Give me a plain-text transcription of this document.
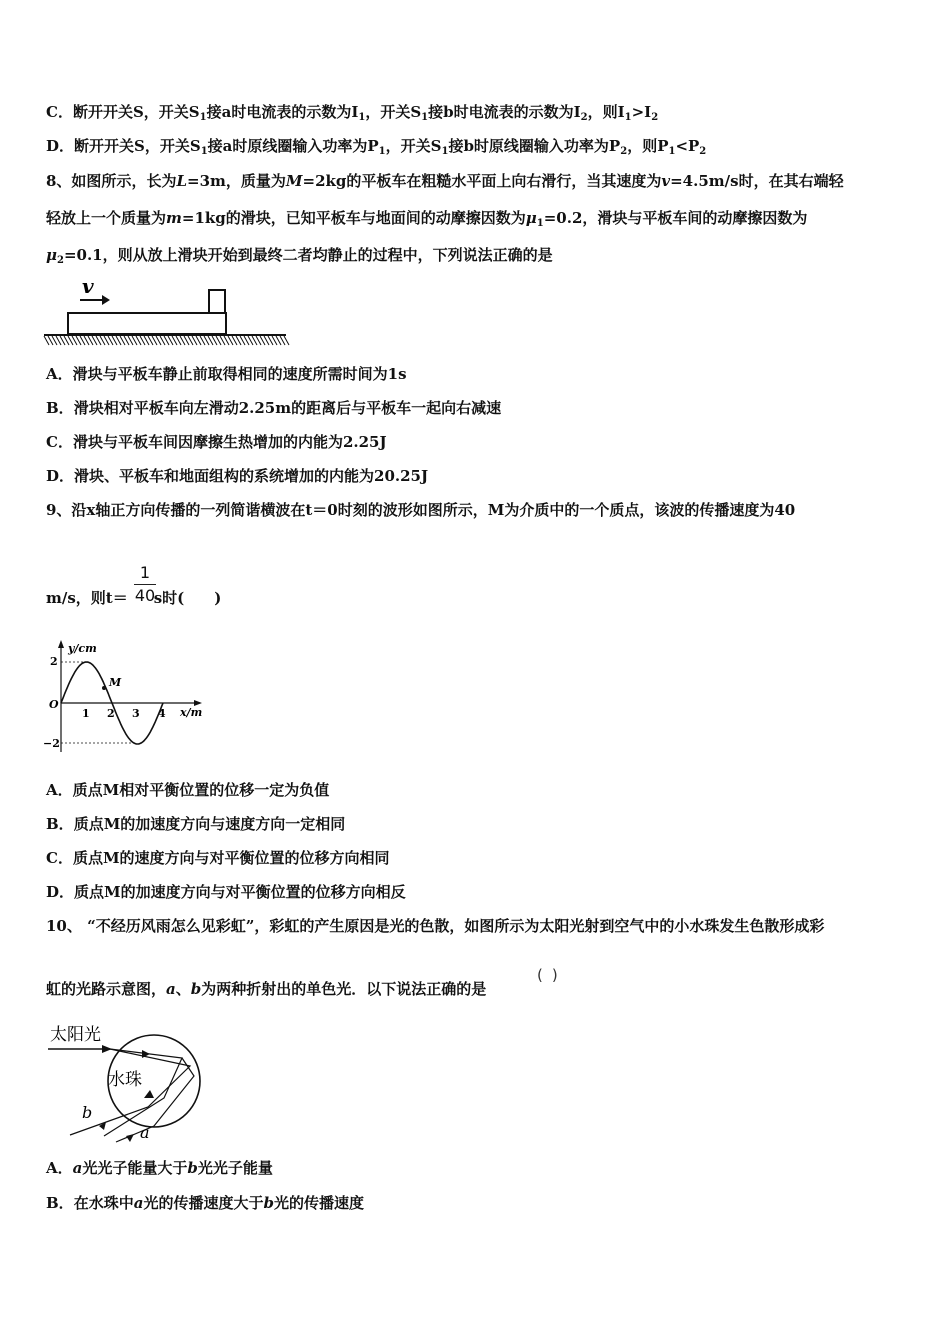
C．断开开关S，开关$S_1$接a时电流表的示数为$I_1$，开关$S_1$接b时电流表的示数为$I_2$，则$I_1>I_2$
D．断开开关S，开关$S_1$接a时原线圈输入功率为$P_1$，开关$S_1$接b时原线圈输入功率为$P_2$，则$P_1<P_2$
8、如图所示，长为L=3m，质量为M=2kg的平板车在粗糙水平面上向右滑行，当其速度为v=4.5m/s时，在其右端轻
轻放上一个质量为m=1kg的滑块，已知平板车与地面间的动摩擦因数为$\mu_1=0.2$，滑块与平板车间的动摩擦因数为
$\mu_2=0.1$，则从放上滑块开始到最终二者均静止的过程中，下列说法正确的是
v
A．滑块与平板车静止前取得相同的速度所需时间为1s
B．滑块相对平板车向左滑动2.25m的距离后与平板车一起向右减速
C．滑块与平板车间因摩擦生热增加的内能为2.25J
D．滑块、平板车和地面组构的系统增加的内能为20.25J
9、沿x轴正方向传播的一列简谐横波在t＝0时刻的波形如图所示，M为介质中的一个质点，该波的传播速度为40
m/s，则t＝ s时(　　)
1
40
y/cm
x/m
O
2
−2
1 2 3 4
M
A．质点M相对平衡位置的位移一定为负值
B．质点M的加速度方向与速度方向一定相同
C．质点M的速度方向与对平衡位置的位移方向相同
D．质点M的加速度方向与对平衡位置的位移方向相反
10、 “不经历风雨怎么见彩虹”，彩虹的产生原因是光的色散，如图所示为太阳光射到空气中的小水珠发生色散形成彩
虹的光路示意图，a、b为两种折射出的单色光．以下说法正确的是
(　 )
太阳光
水珠
b
a
A．a光光子能量大于b光光子能量
B．在水珠中a光的传播速度大于b光的传播速度
